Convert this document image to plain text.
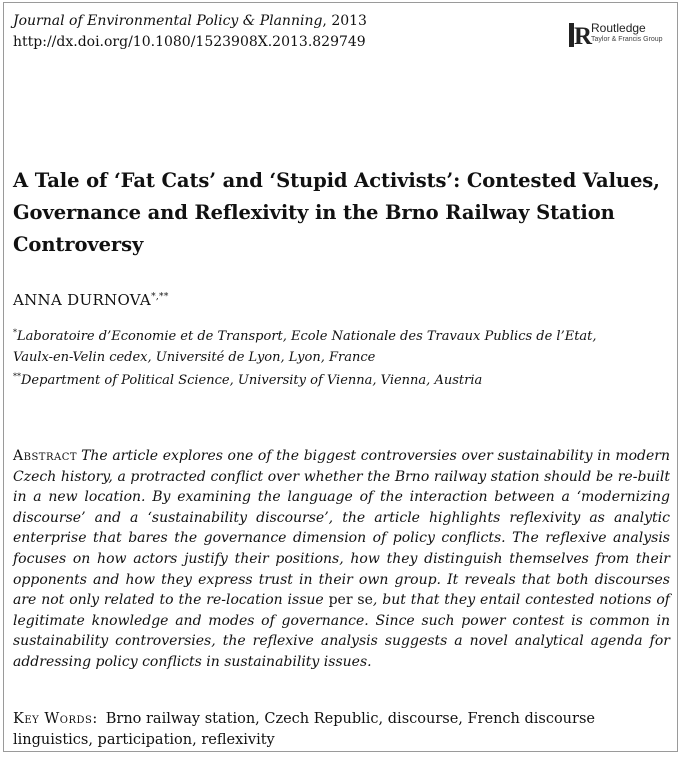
Journal of Environmental Policy & Planning, 2013
http://dx.doi.org/10.1080/1523908X.2013.829749	R
Routledge
Taylor & Francis Group
A Tale of ‘Fat Cats’ and ‘Stupid Activists’: Contested Values, Governance and Reflexivity in the Brno Railway Station Controversy
ANNA DURNOVA*,**
*Laboratoire d’Economie et de Transport, Ecole Nationale des Travaux Publics de l’Etat,
Vaulx-en-Velin cedex, Université de Lyon, Lyon, France
**Department of Political Science, University of Vienna, Vienna, Austria

Abstract The article explores one of the biggest controversies over sustainability in modern Czech history, a protracted conflict over whether the Brno railway station should be re-built in a new location. By examining the language of the interaction between a ‘modernizing discourse’ and a ‘sustainability discourse’, the article highlights reflexivity as analytic enterprise that bares the governance dimension of policy conflicts. The reflexive analysis focuses on how actors justify their positions, how they distinguish themselves from their opponents and how they express trust in their own group. It reveals that both discourses are not only related to the re-location issue per se, but that they entail contested notions of legitimate knowledge and modes of governance. Since such power contest is common in sustainability controversies, the reflexive analysis suggests a novel analytical agenda for addressing policy conflicts in sustainability issues.

Key Words: Brno railway station, Czech Republic, discourse, French discourse linguistics, participation, reflexivity
